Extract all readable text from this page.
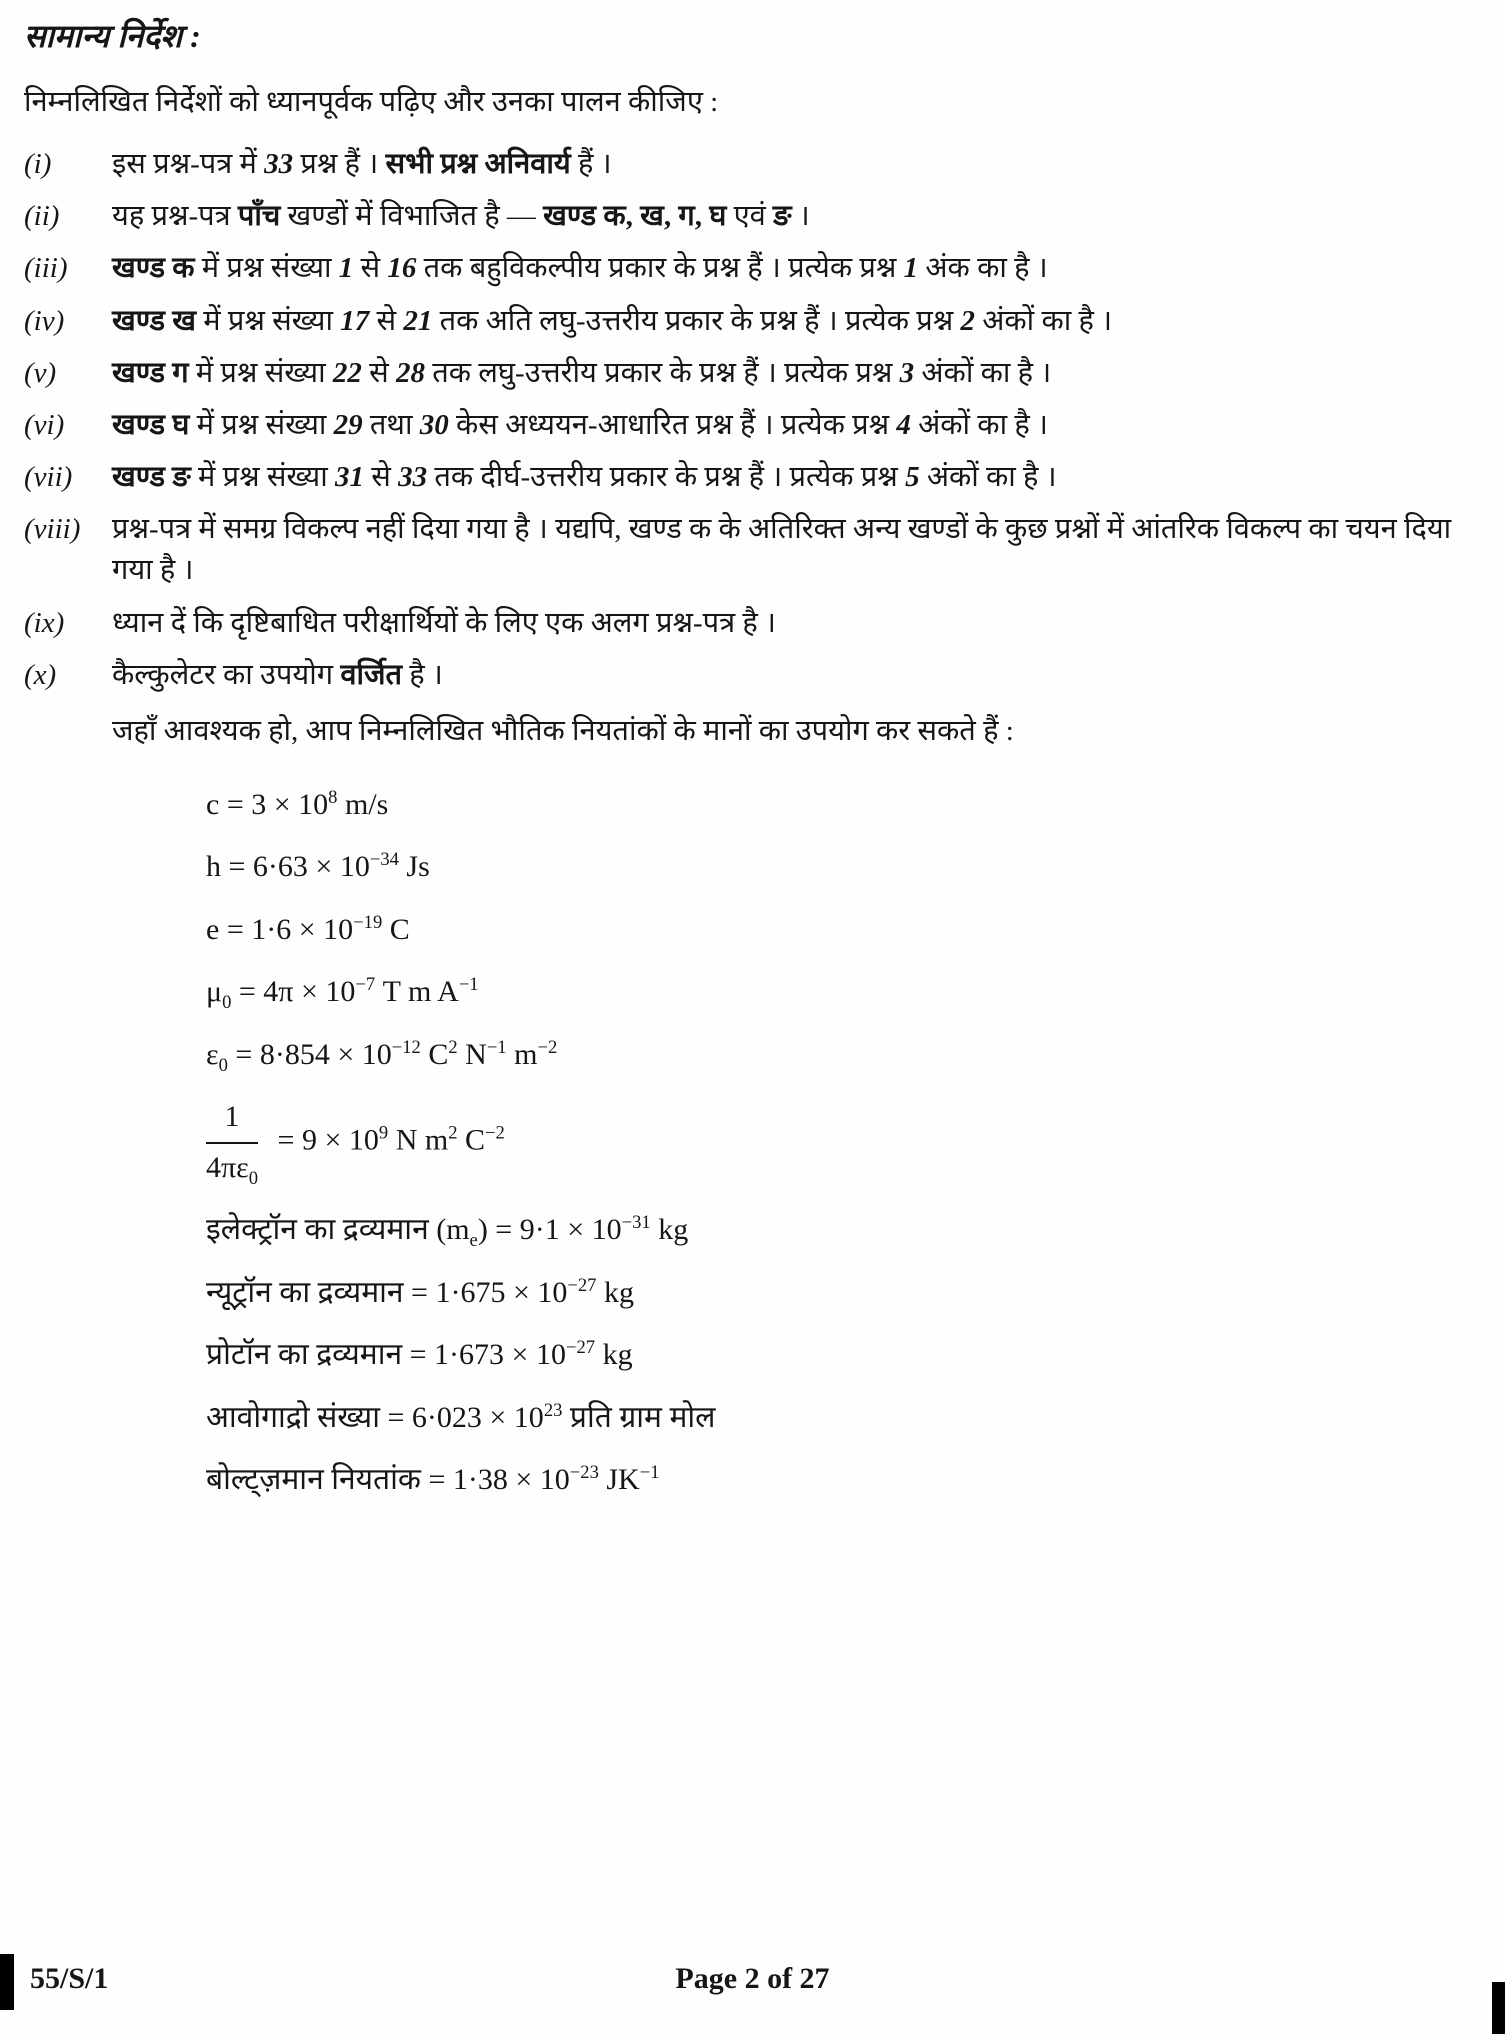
सामान्य निर्देश :
निम्नलिखित निर्देशों को ध्यानपूर्वक पढ़िए और उनका पालन कीजिए :
(i)	इस प्रश्न-पत्र में 33 प्रश्न हैं । सभी प्रश्न अनिवार्य हैं ।
(ii)	यह प्रश्न-पत्र पाँच खण्डों में विभाजित है — खण्ड क, ख, ग, घ एवं ङ ।
(iii)	खण्ड क में प्रश्न संख्या 1 से 16 तक बहुविकल्पीय प्रकार के प्रश्न हैं । प्रत्येक प्रश्न 1 अंक का है ।
(iv)	खण्ड ख में प्रश्न संख्या 17 से 21 तक अति लघु-उत्तरीय प्रकार के प्रश्न हैं । प्रत्येक प्रश्न 2 अंकों का है ।
(v)	खण्ड ग में प्रश्न संख्या 22 से 28 तक लघु-उत्तरीय प्रकार के प्रश्न हैं । प्रत्येक प्रश्न 3 अंकों का है ।
(vi)	खण्ड घ में प्रश्न संख्या 29 तथा 30 केस अध्ययन-आधारित प्रश्न हैं । प्रत्येक प्रश्न 4 अंकों का है ।
(vii)	खण्ड ङ में प्रश्न संख्या 31 से 33 तक दीर्घ-उत्तरीय प्रकार के प्रश्न हैं । प्रत्येक प्रश्न 5 अंकों का है ।
(viii)	प्रश्न-पत्र में समग्र विकल्प नहीं दिया गया है । यद्यपि, खण्ड क के अतिरिक्त अन्य खण्डों के कुछ प्रश्नों में आंतरिक विकल्प का चयन दिया गया है ।
(ix)	ध्यान दें कि दृष्टिबाधित परीक्षार्थियों के लिए एक अलग प्रश्न-पत्र है ।
(x)	कैल्कुलेटर का उपयोग वर्जित है ।
जहाँ आवश्यक हो, आप निम्नलिखित भौतिक नियतांकों के मानों का उपयोग कर सकते हैं :
$c = 3 \times 10^8$ m/s
$h = 6\cdot 63 \times 10^{-34}$ Js
$e = 1\cdot 6 \times 10^{-19}$ C
$\mu_0 = 4\pi \times 10^{-7}$ T m $A^{-1}$
$\varepsilon_0 = 8\cdot 854 \times 10^{-12}$ $C^2$ $N^{-1}$ $m^{-2}$
$\frac{1}{4\pi\varepsilon_0} = 9 \times 10^9$ N $m^2$ $C^{-2}$
इलेक्ट्रॉन का द्रव्यमान $(m_e) = 9\cdot 1 \times 10^{-31}$ kg
न्यूट्रॉन का द्रव्यमान = $1\cdot 675 \times 10^{-27}$ kg
प्रोटॉन का द्रव्यमान = $1\cdot 673 \times 10^{-27}$ kg
आवोगाद्रो संख्या = $6\cdot 023 \times 10^{23}$ प्रति ग्राम मोल
बोल्ट्ज़मान नियतांक = $1\cdot 38 \times 10^{-23}$ $JK^{-1}$
55/S/1	Page 2 of 27
